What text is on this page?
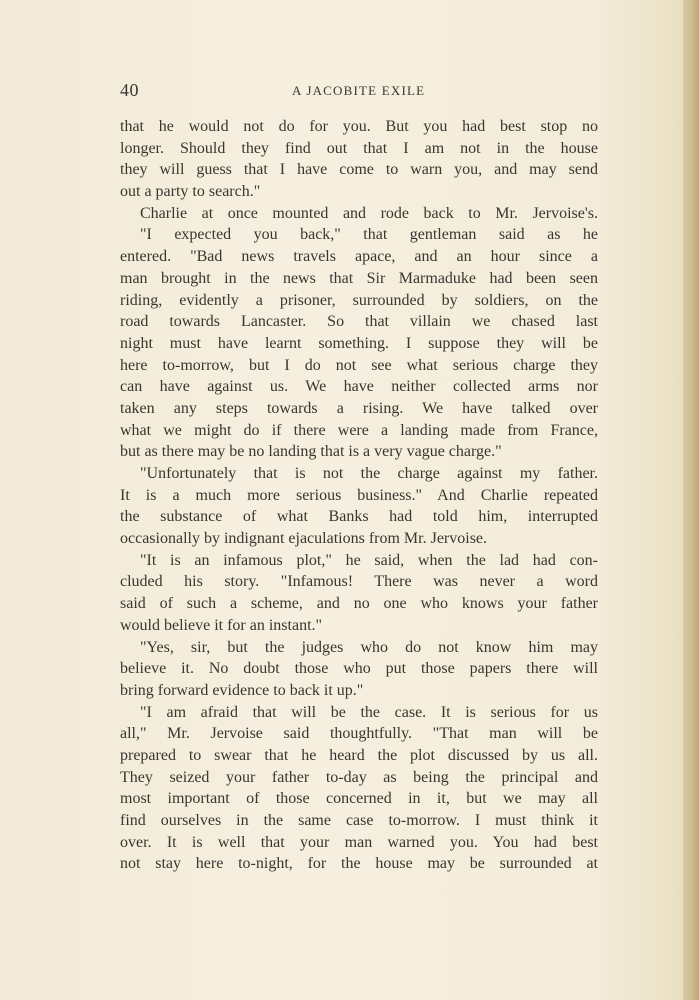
40	A JACOBITE EXILE
that he would not do for you. But you had best stop no
longer. Should they find out that I am not in the house
they will guess that I have come to warn you, and may send
out a party to search."
Charlie at once mounted and rode back to Mr. Jervoise's.
"I expected you back," that gentleman said as he
entered. "Bad news travels apace, and an hour since a
man brought in the news that Sir Marmaduke had been seen
riding, evidently a prisoner, surrounded by soldiers, on the
road towards Lancaster. So that villain we chased last
night must have learnt something. I suppose they will be
here to-morrow, but I do not see what serious charge they
can have against us. We have neither collected arms nor
taken any steps towards a rising. We have talked over
what we might do if there were a landing made from France,
but as there may be no landing that is a very vague charge."
"Unfortunately that is not the charge against my father.
It is a much more serious business." And Charlie repeated
the substance of what Banks had told him, interrupted
occasionally by indignant ejaculations from Mr. Jervoise.
"It is an infamous plot," he said, when the lad had con-
cluded his story. "Infamous! There was never a word
said of such a scheme, and no one who knows your father
would believe it for an instant."
"Yes, sir, but the judges who do not know him may
believe it. No doubt those who put those papers there will
bring forward evidence to back it up."
"I am afraid that will be the case. It is serious for us
all," Mr. Jervoise said thoughtfully. "That man will be
prepared to swear that he heard the plot discussed by us all.
They seized your father to-day as being the principal and
most important of those concerned in it, but we may all
find ourselves in the same case to-morrow. I must think it
over. It is well that your man warned you. You had best
not stay here to-night, for the house may be surrounded at
